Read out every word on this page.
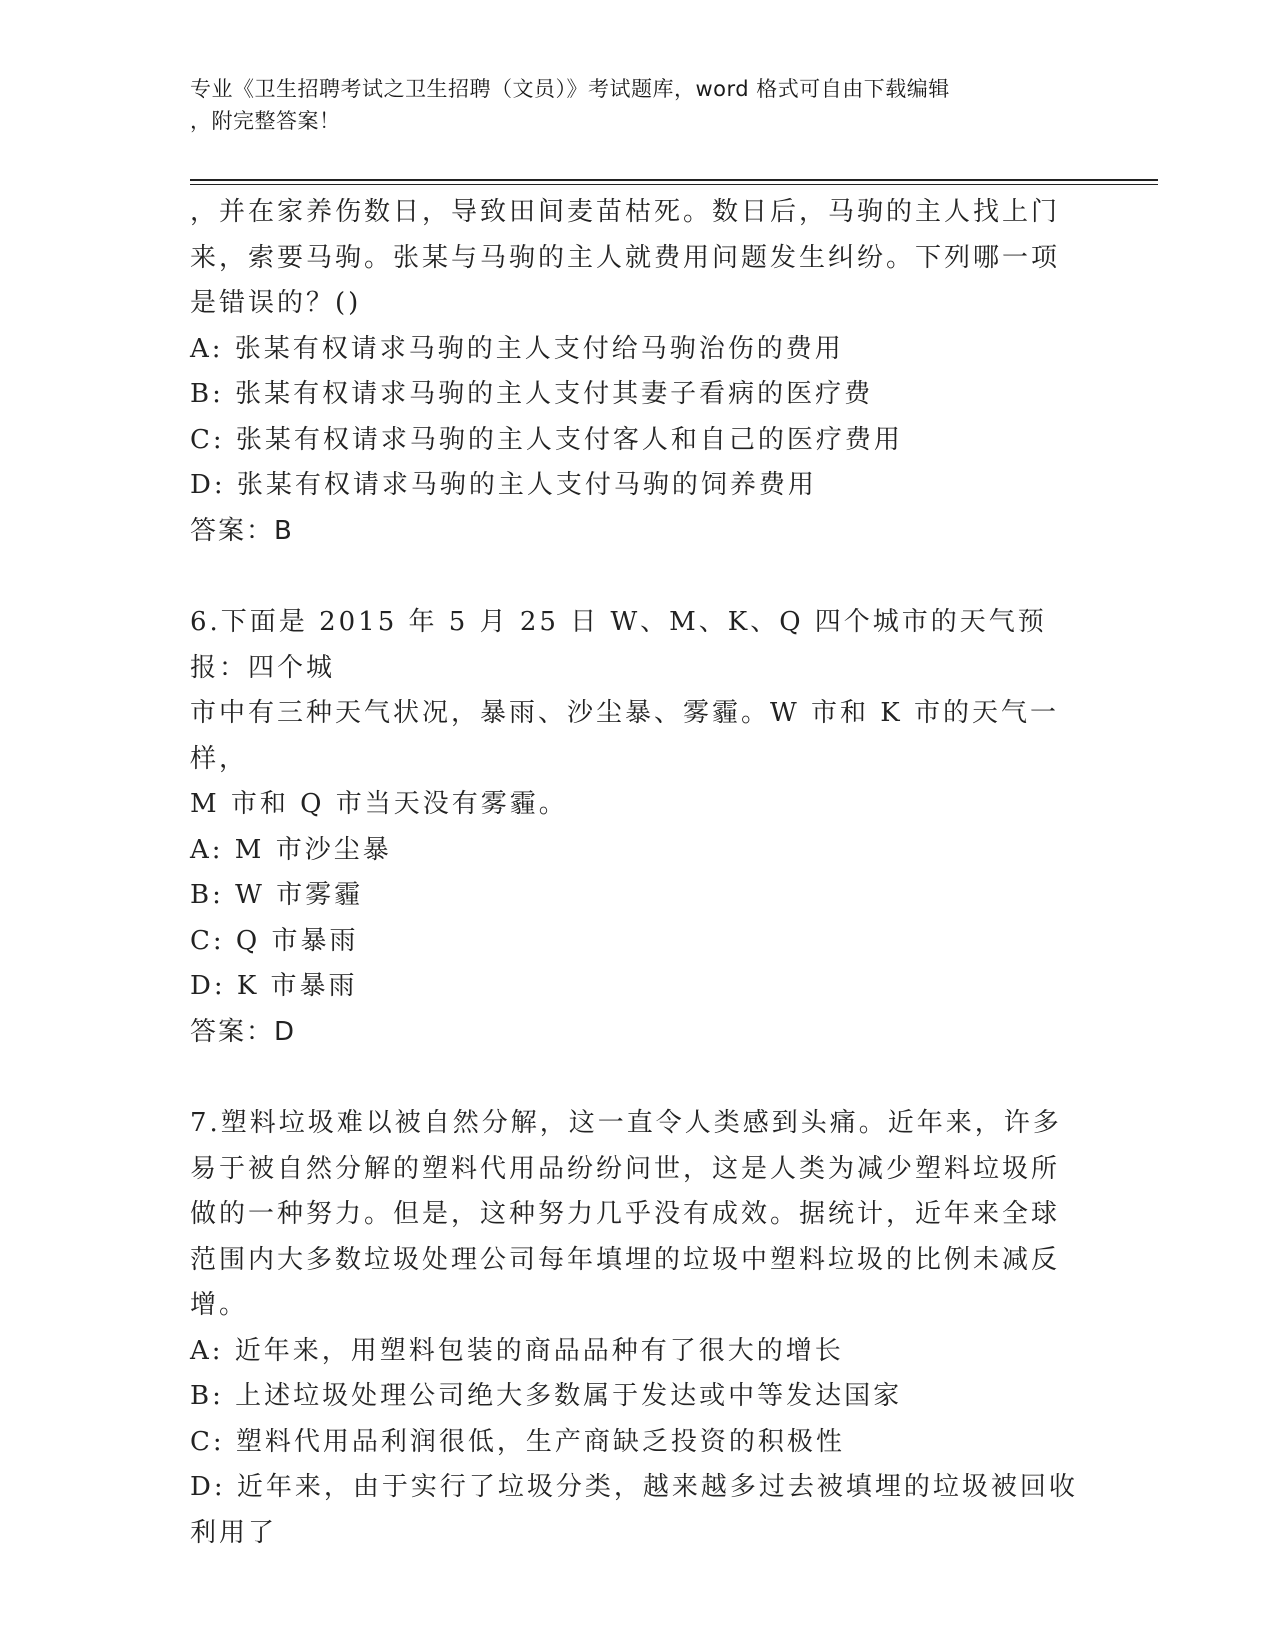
专业《卫生招聘考试之卫生招聘（文员）》考试题库，word 格式可自由下载编辑
，附完整答案！

，并在家养伤数日，导致田间麦苗枯死。数日后，马驹的主人找上门

来，索要马驹。张某与马驹的主人就费用问题发生纠纷。下列哪一项

是错误的？()

A: 张某有权请求马驹的主人支付给马驹治伤的费用

B: 张某有权请求马驹的主人支付其妻子看病的医疗费

C: 张某有权请求马驹的主人支付客人和自己的医疗费用

D: 张某有权请求马驹的主人支付马驹的饲养费用

答案：B

6.下面是 2015 年 5 月 25 日 W、M、K、Q 四个城市的天气预报：四个城

市中有三种天气状况，暴雨、沙尘暴、雾霾。W 市和 K 市的天气一样，

M 市和 Q 市当天没有雾霾。

A: M 市沙尘暴

B: W 市雾霾

C: Q 市暴雨

D: K 市暴雨

答案：D

7.塑料垃圾难以被自然分解，这一直令人类感到头痛。近年来，许多

易于被自然分解的塑料代用品纷纷问世，这是人类为减少塑料垃圾所

做的一种努力。但是，这种努力几乎没有成效。据统计，近年来全球

范围内大多数垃圾处理公司每年填埋的垃圾中塑料垃圾的比例未减反

增。

A: 近年来，用塑料包装的商品品种有了很大的增长

B: 上述垃圾处理公司绝大多数属于发达或中等发达国家

C: 塑料代用品利润很低，生产商缺乏投资的积极性

D: 近年来，由于实行了垃圾分类，越来越多过去被填埋的垃圾被回收

利用了
